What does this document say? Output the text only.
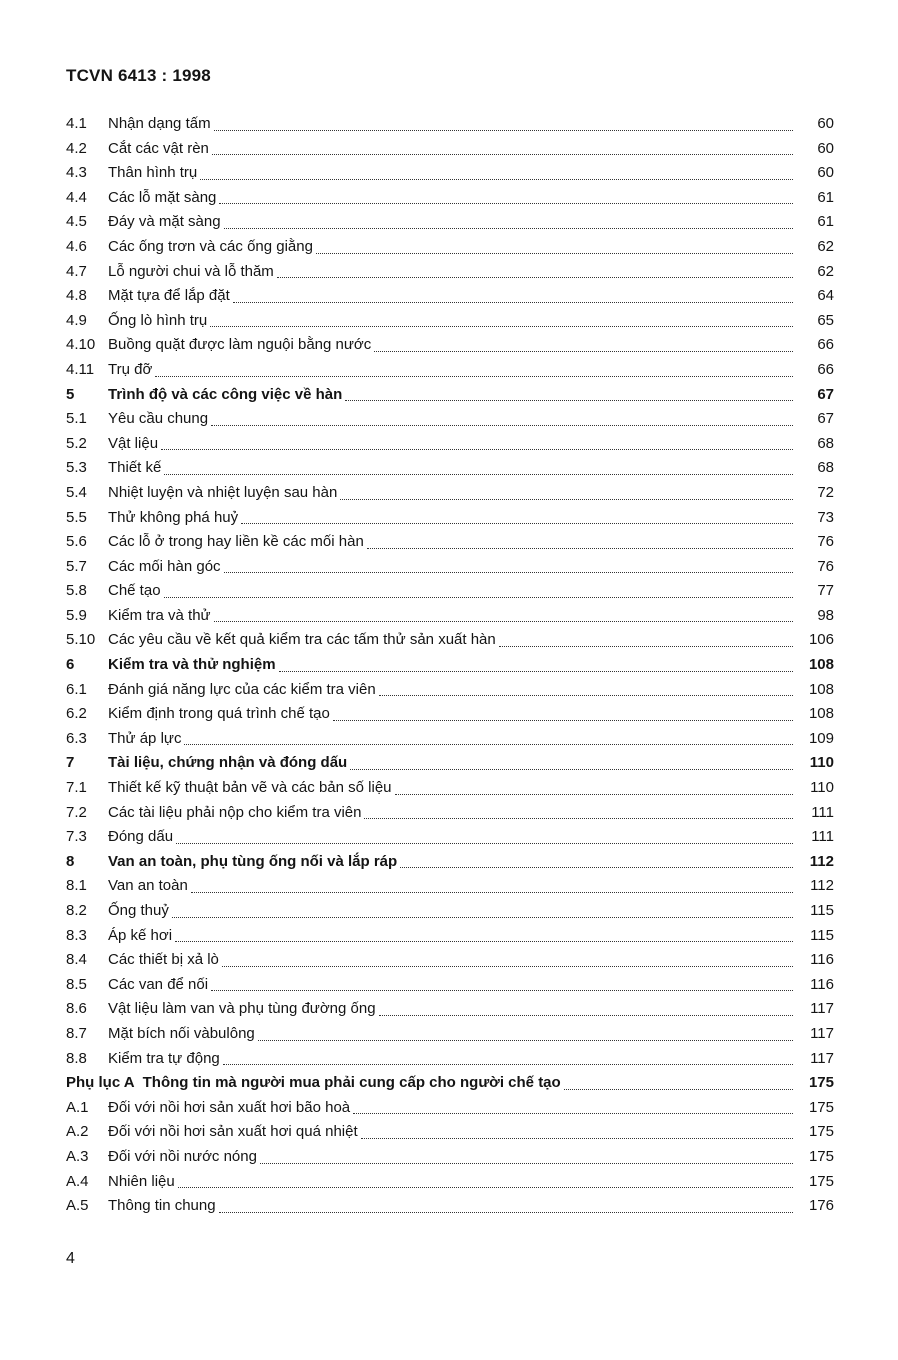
TCVN 6413 : 1998
4.1	Nhận dạng tấm	60
4.2	Cắt các vật rèn	60
4.3	Thân hình trụ	60
4.4	Các lỗ mặt sàng	61
4.5	Đáy và mặt sàng	61
4.6	Các ống trơn và các ống giằng	62
4.7	Lỗ người chui và lỗ thăm	62
4.8	Mặt tựa để lắp đặt	64
4.9	Ống lò hình trụ	65
4.10 Buồng quặt được làm nguội bằng nước	66
4.11 Trụ đỡ	66
5	Trình độ và các công việc về hàn	67
5.1	Yêu cầu chung	67
5.2	Vật liệu	68
5.3	Thiết kế	68
5.4	Nhiệt luyện và nhiệt luyện sau hàn	72
5.5	Thử không phá huỷ	73
5.6	Các lỗ ở trong hay liền kề các mối hàn	76
5.7	Các mối hàn góc	76
5.8	Chế tạo	77
5.9	Kiểm tra và thử	98
5.10 Các yêu cầu về kết quả kiểm tra các tấm thử sản xuất hàn	106
6	Kiểm tra và thử nghiệm	108
6.1	Đánh giá năng lực của các kiểm tra viên	108
6.2	Kiểm định trong quá trình chế tạo	108
6.3	Thử áp lực	109
7	Tài liệu, chứng nhận và đóng dấu	110
7.1	Thiết kế kỹ thuật bản vẽ và các bản số liệu	110
7.2	Các tài liệu phải nộp cho kiểm tra viên	111
7.3	Đóng dấu	111
8	Van an toàn, phụ tùng ống nối và lắp ráp	112
8.1	Van an toàn	112
8.2	Ống thuỷ	115
8.3	Áp kế hơi	115
8.4	Các thiết bị xả lò	116
8.5	Các van để nối	116
8.6	Vật liệu làm van và phụ tùng đường ống	117
8.7	Mặt bích nối vàbulông	117
8.8	Kiểm tra tự động	117
Phụ lục A Thông tin mà người mua phải cung cấp cho người chế tạo	175
A.1	Đối với nồi hơi sản xuất hơi bão hoà	175
A.2	Đối với nồi hơi sản xuất hơi quá nhiệt	175
A.3	Đối với nồi nước nóng	175
A.4	Nhiên liệu	175
A.5	Thông tin chung	176
4
